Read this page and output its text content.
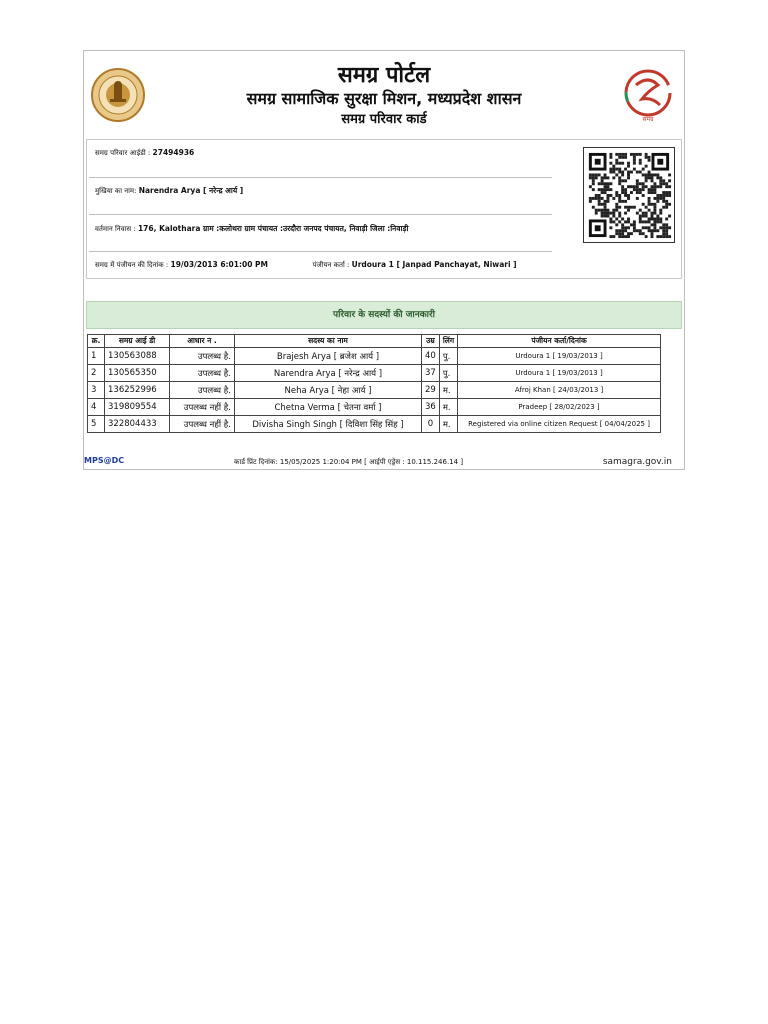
समग्र पोर्टल
समग्र सामाजिक सुरक्षा मिशन, मध्यप्रदेश शासन
समग्र परिवार कार्ड	समग्र
समग्र परिवार आईडी : 27494936
मुखिया का नाम: Narendra Arya [ नरेन्द्र आर्य ]
वर्तमान निवास : 176, Kalothara ग्राम :कलोथरा ग्राम पंचायत :उरदौरा जनपद पंचायत, निवाड़ी जिला :निवाड़ी
समग्र में पंजीयन की दिनांक : 19/03/2013 6:01:00 PM	पंजीयन कर्ता : Urdoura 1 [ Janpad Panchayat, Niwari ]
परिवार के सदस्यों की जानकारी
क्र.	समग्र आई डी	आधार न .	सदस्य का नाम	उम्र	लिंग	पंजीयन कर्ता/दिनांक
1	130563088	उपलब्ध है.	Brajesh Arya [ ब्रजेश आर्य ]	40	पु.	Urdoura 1 [ 19/03/2013 ]
2	130565350	उपलब्ध है.	Narendra Arya [ नरेन्द्र आर्य ]	37	पु.	Urdoura 1 [ 19/03/2013 ]
3	136252996	उपलब्ध है.	Neha Arya [ नेहा आर्य ]	29	म.	Afroj Khan [ 24/03/2013 ]
4	319809554	उपलब्ध नहीं है.	Chetna Verma [ चेतना वर्मा ]	36	म.	Pradeep [ 28/02/2023 ]
5	322804433	उपलब्ध नहीं है.	Divisha Singh Singh [ दिविशा सिंह सिंह ]	0	म.	Registered via online citizen Request [ 04/04/2025 ]
MPS@DC	कार्ड प्रिंट दिनांक: 15/05/2025 1:20:04 PM [ आईपी एड्रेस : 10.115.246.14 ]	samagra.gov.in
